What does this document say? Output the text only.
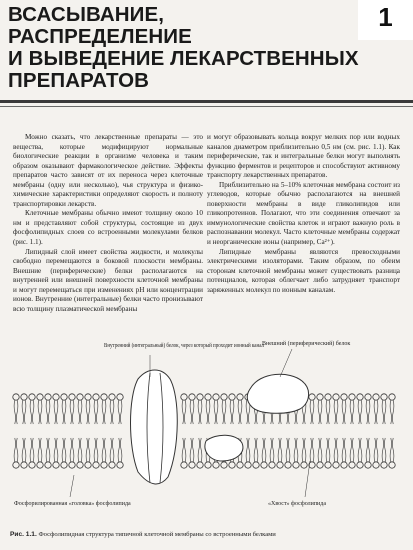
1
ВСАСЫВАНИЕ,
РАСПРЕДЕЛЕНИЕ
И ВЫВЕДЕНИЕ ЛЕКАРСТВЕННЫХ
ПРЕПАРАТОВ

Можно сказать, что лекарственные препараты — это вещества, которые модифицируют нормальные биологические реакции в организме человека и таким образом оказывают фармакологическое действие. Эффекты препаратов часто зависят от их переноса через клеточные мембраны (одну или несколько), чья структура и физико-химические характеристики определяют скорость и полноту транспортировки лекарств.

Клеточные мембраны обычно имеют толщину около 10 нм и представляют собой структуры, состоящие из двух фосфолипидных слоев со встроенными молекулами белков (рис. 1.1).

Липидный слой имеет свойства жидкости, и молекулы свободно перемещаются в боковой плоскости мембраны. Внешние (периферические) белки располагаются на внутренней или внешней поверхности клеточной мембраны и могут перемещаться при изменениях pH или концентрации ионов. Внутренние (интегральные) белки часто пронизывают всю толщину плазматической мембраны

и могут образовывать кольца вокруг мелких пор или водных каналов диаметром приблизительно 0,5 нм (см. рис. 1.1). Как периферические, так и интегральные белки могут выполнять функцию ферментов и рецепторов и способствуют активному транспорту лекарственных препаратов.

Приблизительно на 5–10% клеточная мембрана состоит из углеводов, которые обычно располагаются на внешней поверхности мембраны в виде гликолипидов или гликопротеинов. Полагают, что эти соединения отвечают за иммунологические свойства клеток и играют важную роль в распознавании молекул. Часто клеточные мембраны содержат и неорганические ионы (например, Ca²⁺).

Липидные мембраны являются превосходными электрическими изоляторами. Таким образом, по обеим сторонам клеточной мембраны может существовать разница потенциалов, которая облегчает либо затрудняет транспорт заряженных молекул по ионным каналам.

Внутренний (интегральный) белок, через который проходит ионный канал
Внешний (периферический) белок
Фосфорилированная «головка» фосфолипида	«Хвост» фосфолипида
Рис. 1.1. Фосфолипидная структура типичной клеточной мембраны со встроенными белками
